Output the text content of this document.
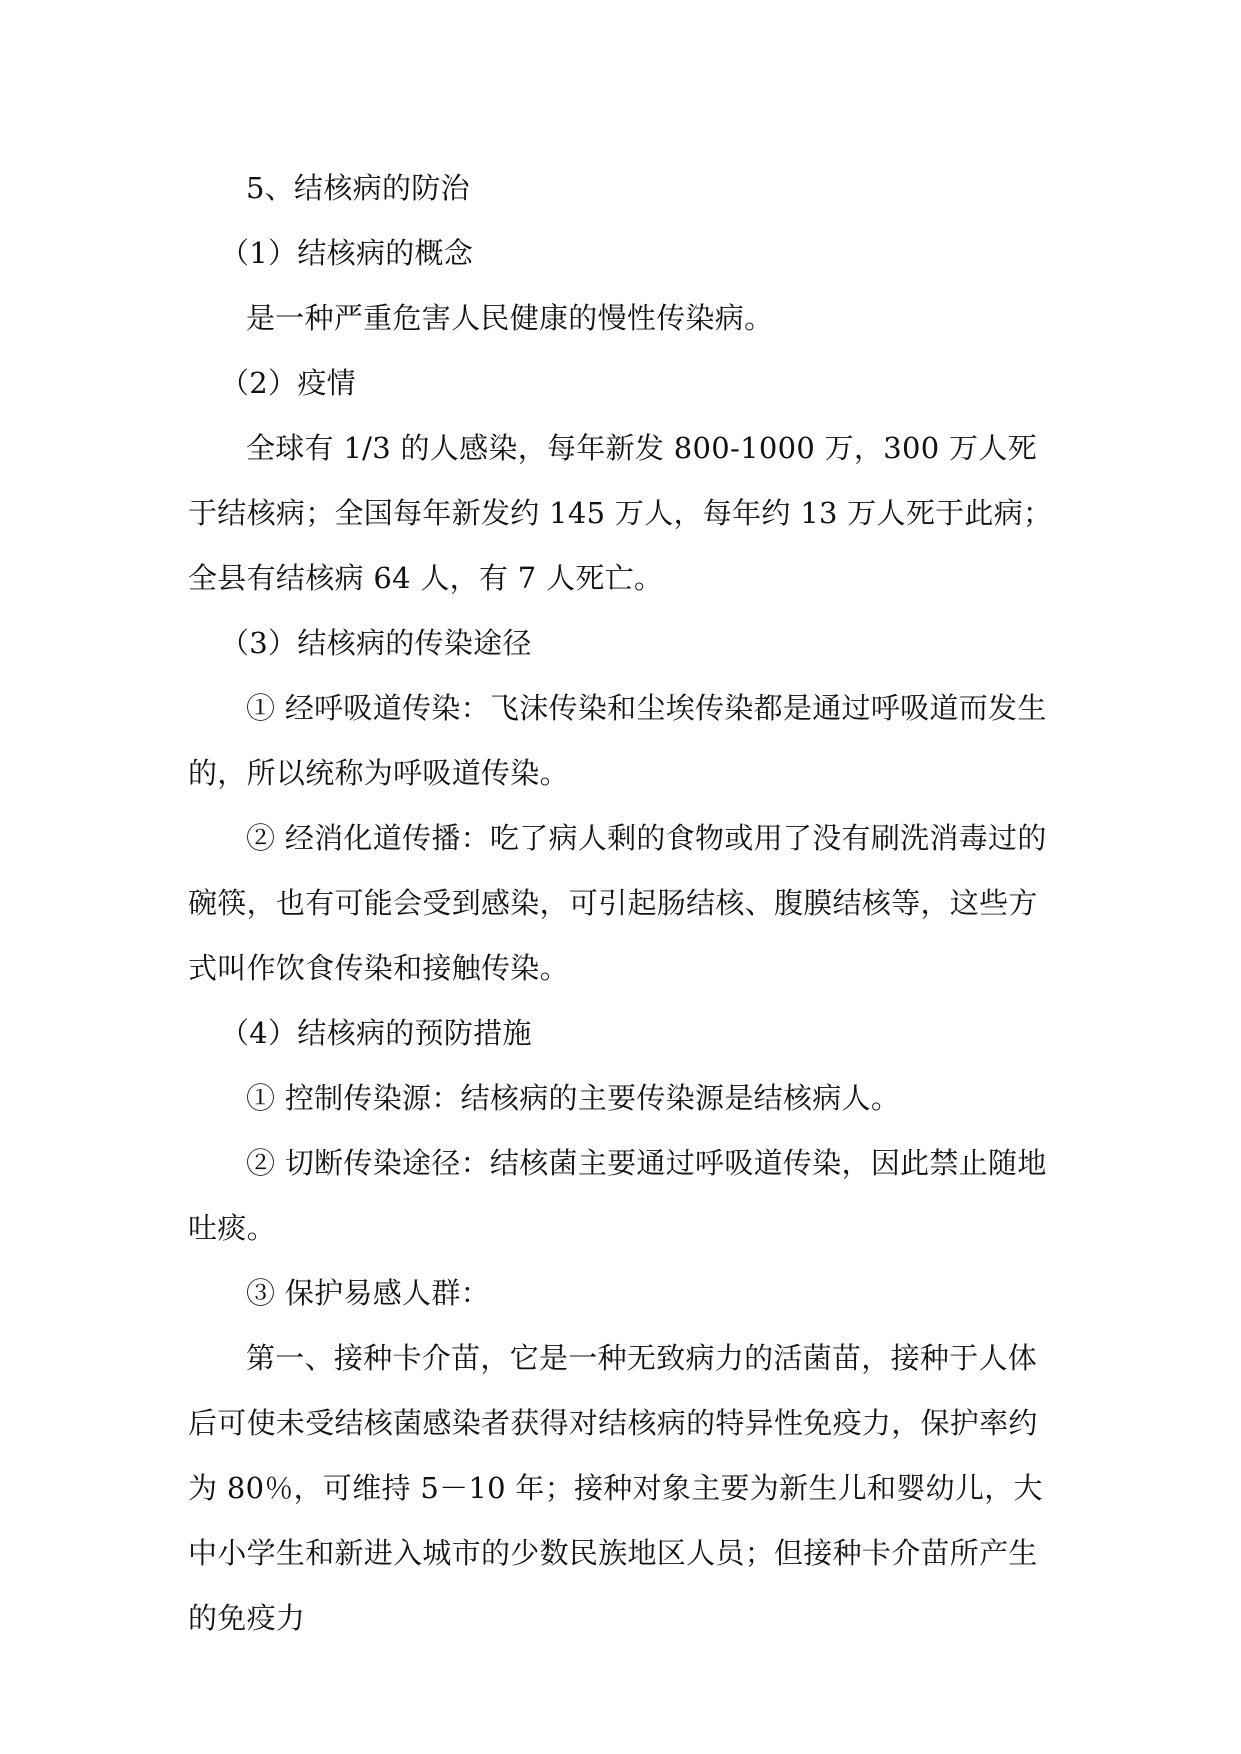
5、结核病的防治

（1）结核病的概念

是一种严重危害人民健康的慢性传染病。

（2）疫情

全球有 1/3 的人感染，每年新发 800-1000 万，300 万人死于结核病；全国每年新发约 145 万人，每年约 13 万人死于此病；全县有结核病 64 人，有 7 人死亡。

（3）结核病的传染途径

① 经呼吸道传染：飞沫传染和尘埃传染都是通过呼吸道而发生的，所以统称为呼吸道传染。

② 经消化道传播：吃了病人剩的食物或用了没有刷洗消毒过的碗筷，也有可能会受到感染，可引起肠结核、腹膜结核等，这些方式叫作饮食传染和接触传染。

（4）结核病的预防措施

① 控制传染源：结核病的主要传染源是结核病人。

② 切断传染途径：结核菌主要通过呼吸道传染，因此禁止随地吐痰。

③ 保护易感人群：

第一、接种卡介苗，它是一种无致病力的活菌苗，接种于人体后可使未受结核菌感染者获得对结核病的特异性免疫力，保护率约为 80％，可维持 5－10 年；接种对象主要为新生儿和婴幼儿，大中小学生和新进入城市的少数民族地区人员；但接种卡介苗所产生的免疫力
